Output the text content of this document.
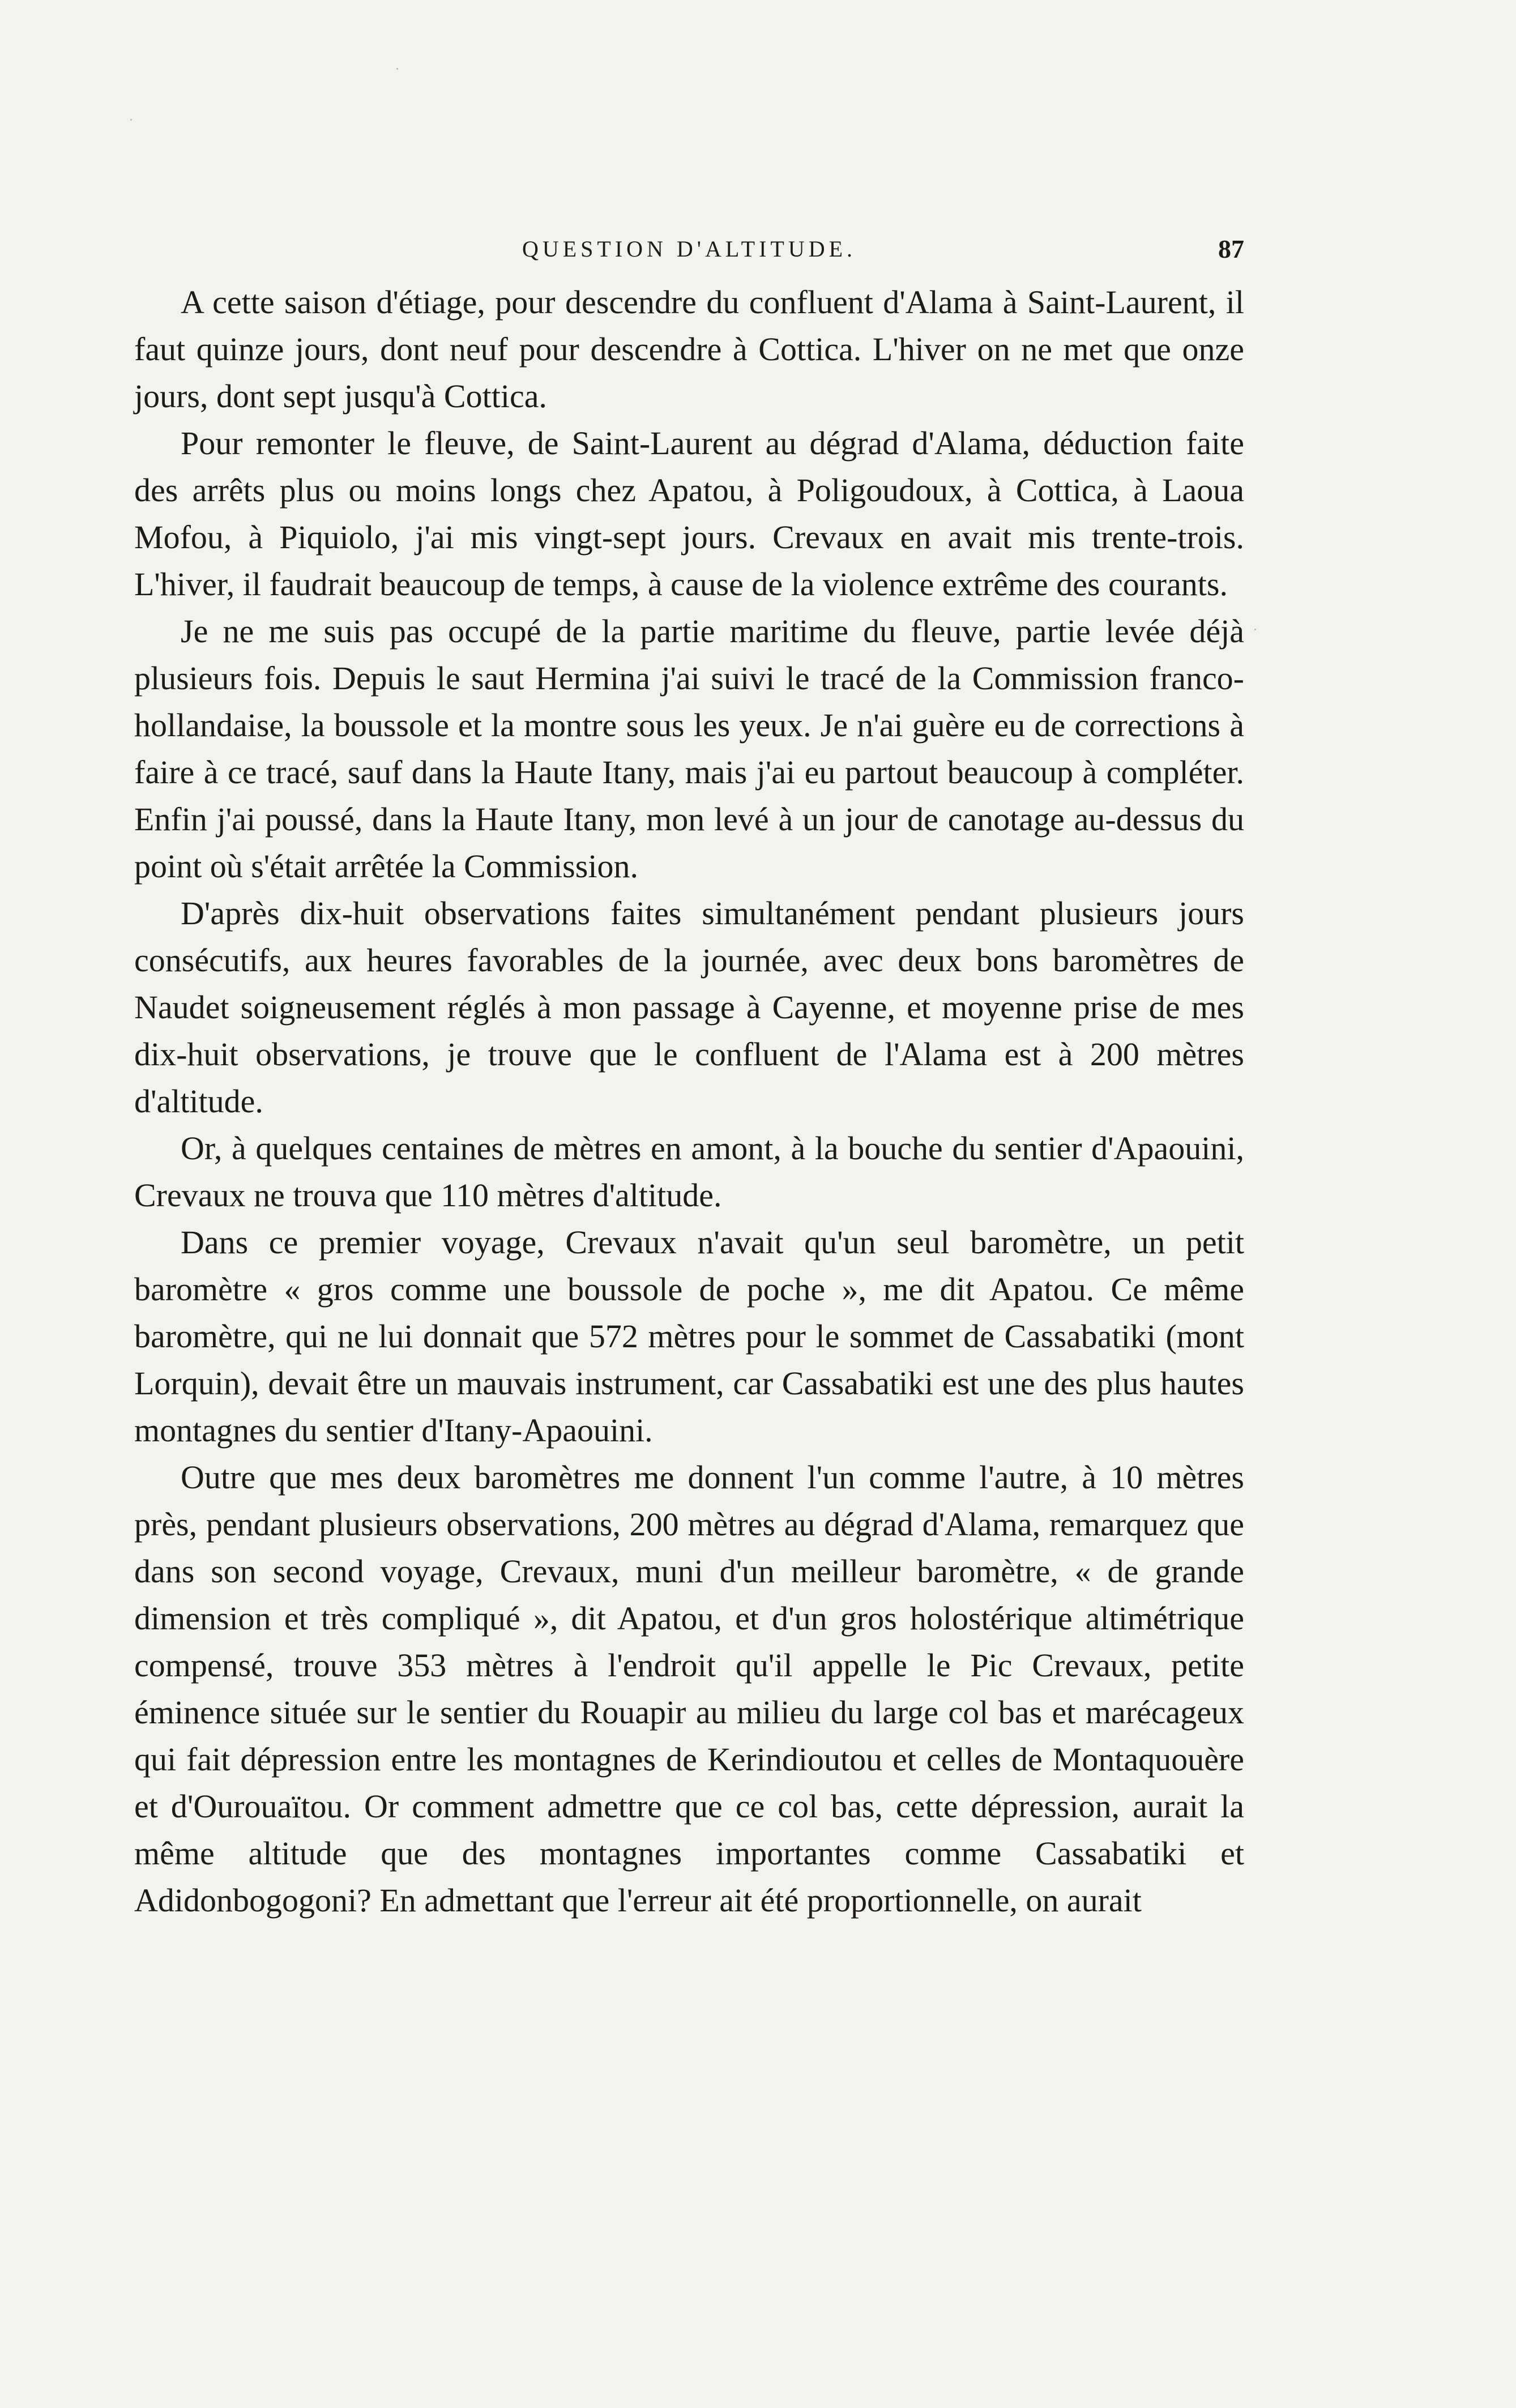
QUESTION D'ALTITUDE.	87

A cette saison d'étiage, pour descendre du confluent d'Alama à Saint-Laurent, il faut quinze jours, dont neuf pour descendre à Cottica. L'hiver on ne met que onze jours, dont sept jusqu'à Cottica.

Pour remonter le fleuve, de Saint-Laurent au dégrad d'Alama, déduction faite des arrêts plus ou moins longs chez Apatou, à Poligoudoux, à Cottica, à Laoua Mofou, à Piquiolo, j'ai mis vingt-sept jours. Crevaux en avait mis trente-trois. L'hiver, il faudrait beaucoup de temps, à cause de la violence extrême des courants.

Je ne me suis pas occupé de la partie maritime du fleuve, partie levée déjà plusieurs fois. Depuis le saut Hermina j'ai suivi le tracé de la Commission franco-hollandaise, la boussole et la montre sous les yeux. Je n'ai guère eu de corrections à faire à ce tracé, sauf dans la Haute Itany, mais j'ai eu partout beaucoup à compléter. Enfin j'ai poussé, dans la Haute Itany, mon levé à un jour de canotage au-dessus du point où s'était arrêtée la Commission.

D'après dix-huit observations faites simultanément pendant plusieurs jours consécutifs, aux heures favorables de la journée, avec deux bons baromètres de Naudet soigneusement réglés à mon passage à Cayenne, et moyenne prise de mes dix-huit observations, je trouve que le confluent de l'Alama est à 200 mètres d'altitude.

Or, à quelques centaines de mètres en amont, à la bouche du sentier d'Apaouini, Crevaux ne trouva que 110 mètres d'altitude.

Dans ce premier voyage, Crevaux n'avait qu'un seul baromètre, un petit baromètre « gros comme une boussole de poche », me dit Apatou. Ce même baromètre, qui ne lui donnait que 572 mètres pour le sommet de Cassabatiki (mont Lorquin), devait être un mauvais instrument, car Cassabatiki est une des plus hautes montagnes du sentier d'Itany-Apaouini.

Outre que mes deux baromètres me donnent l'un comme l'autre, à 10 mètres près, pendant plusieurs observations, 200 mètres au dégrad d'Alama, remarquez que dans son second voyage, Crevaux, muni d'un meilleur baromètre, « de grande dimension et très compliqué », dit Apatou, et d'un gros holostérique altimétrique compensé, trouve 353 mètres à l'endroit qu'il appelle le Pic Crevaux, petite éminence située sur le sentier du Rouapir au milieu du large col bas et marécageux qui fait dépression entre les montagnes de Kerindioutou et celles de Montaquouère et d'Ourouaïtou. Or comment admettre que ce col bas, cette dépression, aurait la même altitude que des montagnes importantes comme Cassabatiki et Adidonbogogoni? En admettant que l'erreur ait été proportionnelle, on aurait
